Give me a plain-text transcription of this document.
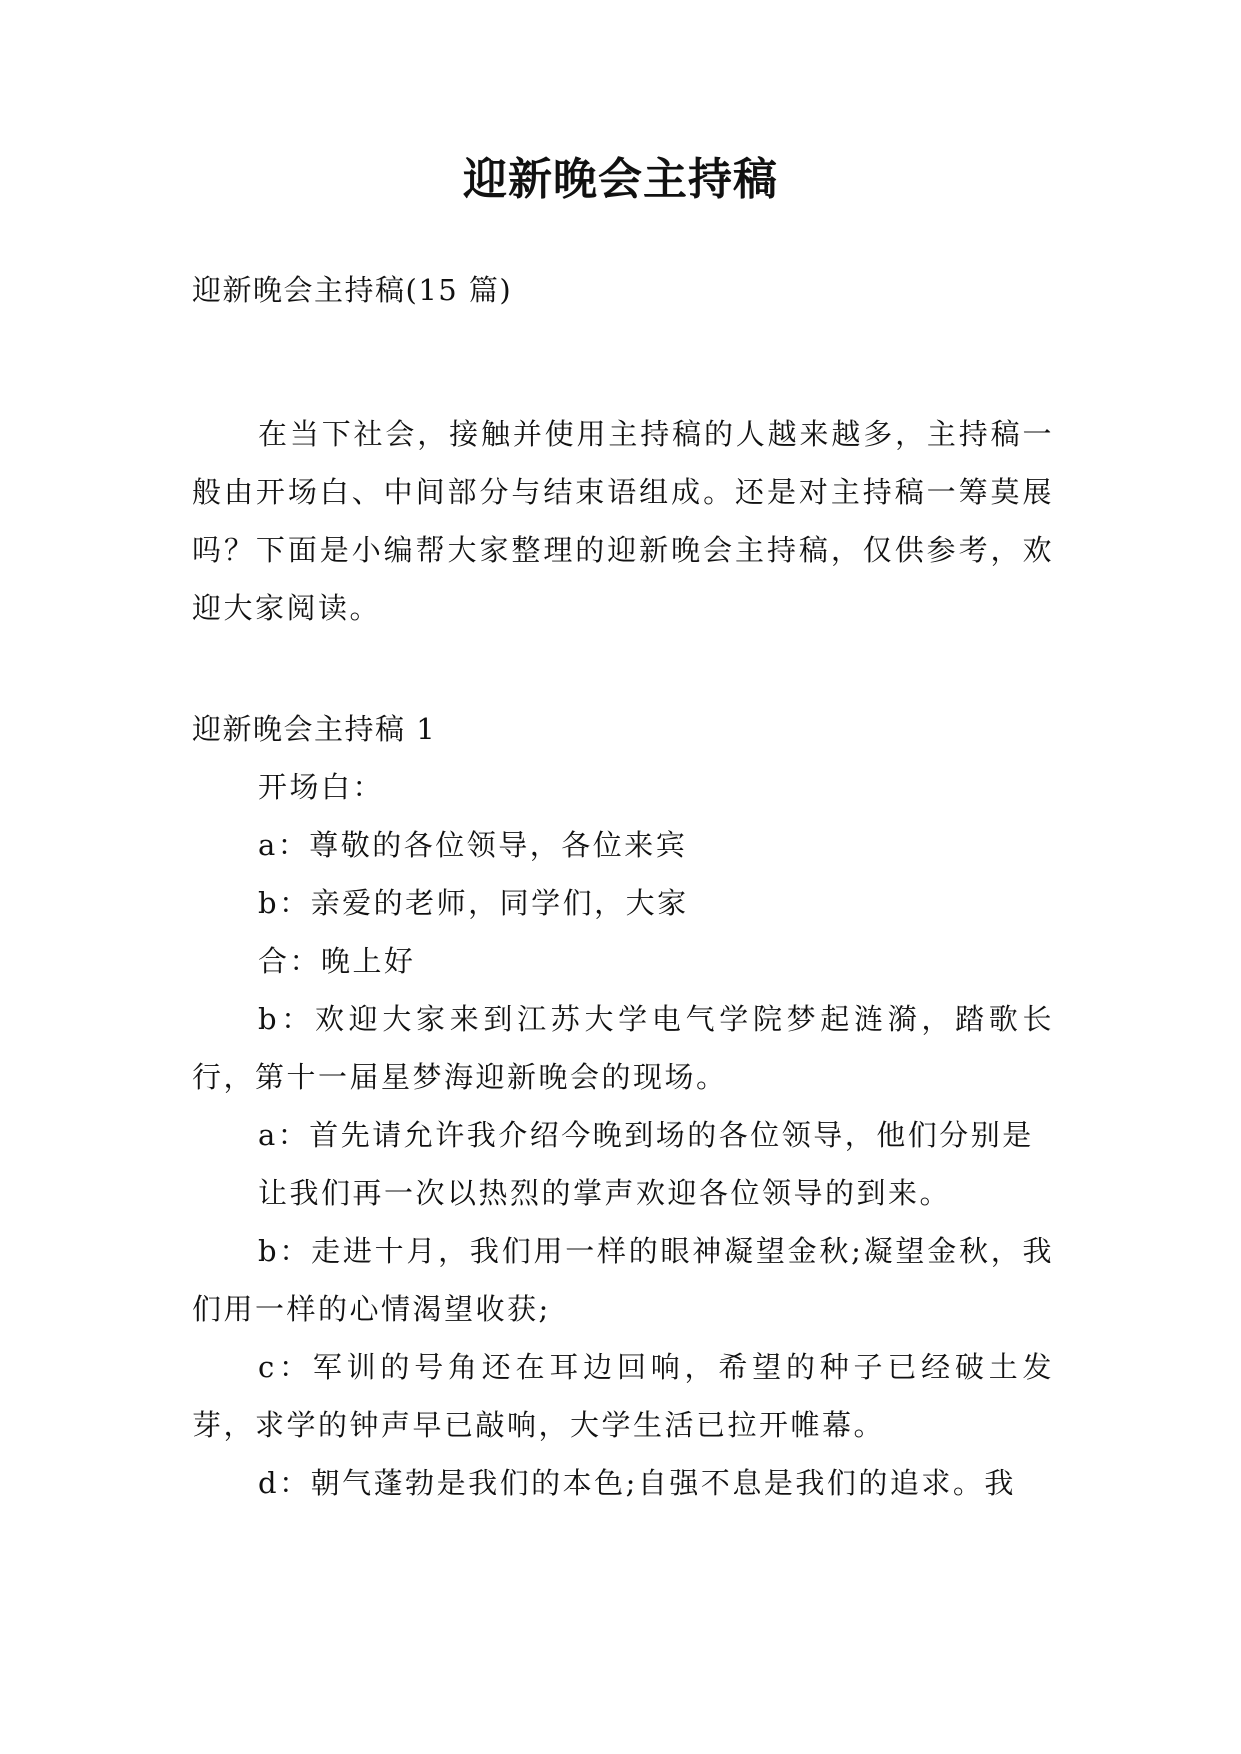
迎新晚会主持稿

迎新晚会主持稿(15 篇)

在当下社会，接触并使用主持稿的人越来越多，主持稿一般由开场白、中间部分与结束语组成。还是对主持稿一筹莫展吗？下面是小编帮大家整理的迎新晚会主持稿，仅供参考，欢迎大家阅读。

迎新晚会主持稿 1

开场白：

a：尊敬的各位领导，各位来宾

b：亲爱的老师，同学们，大家

合：晚上好

b：欢迎大家来到江苏大学电气学院梦起涟漪，踏歌长行，第十一届星梦海迎新晚会的现场。

a：首先请允许我介绍今晚到场的各位领导，他们分别是

让我们再一次以热烈的掌声欢迎各位领导的到来。

b：走进十月，我们用一样的眼神凝望金秋;凝望金秋，我们用一样的心情渴望收获;

c：军训的号角还在耳边回响，希望的种子已经破土发芽，求学的钟声早已敲响，大学生活已拉开帷幕。

d：朝气蓬勃是我们的本色;自强不息是我们的追求。我
